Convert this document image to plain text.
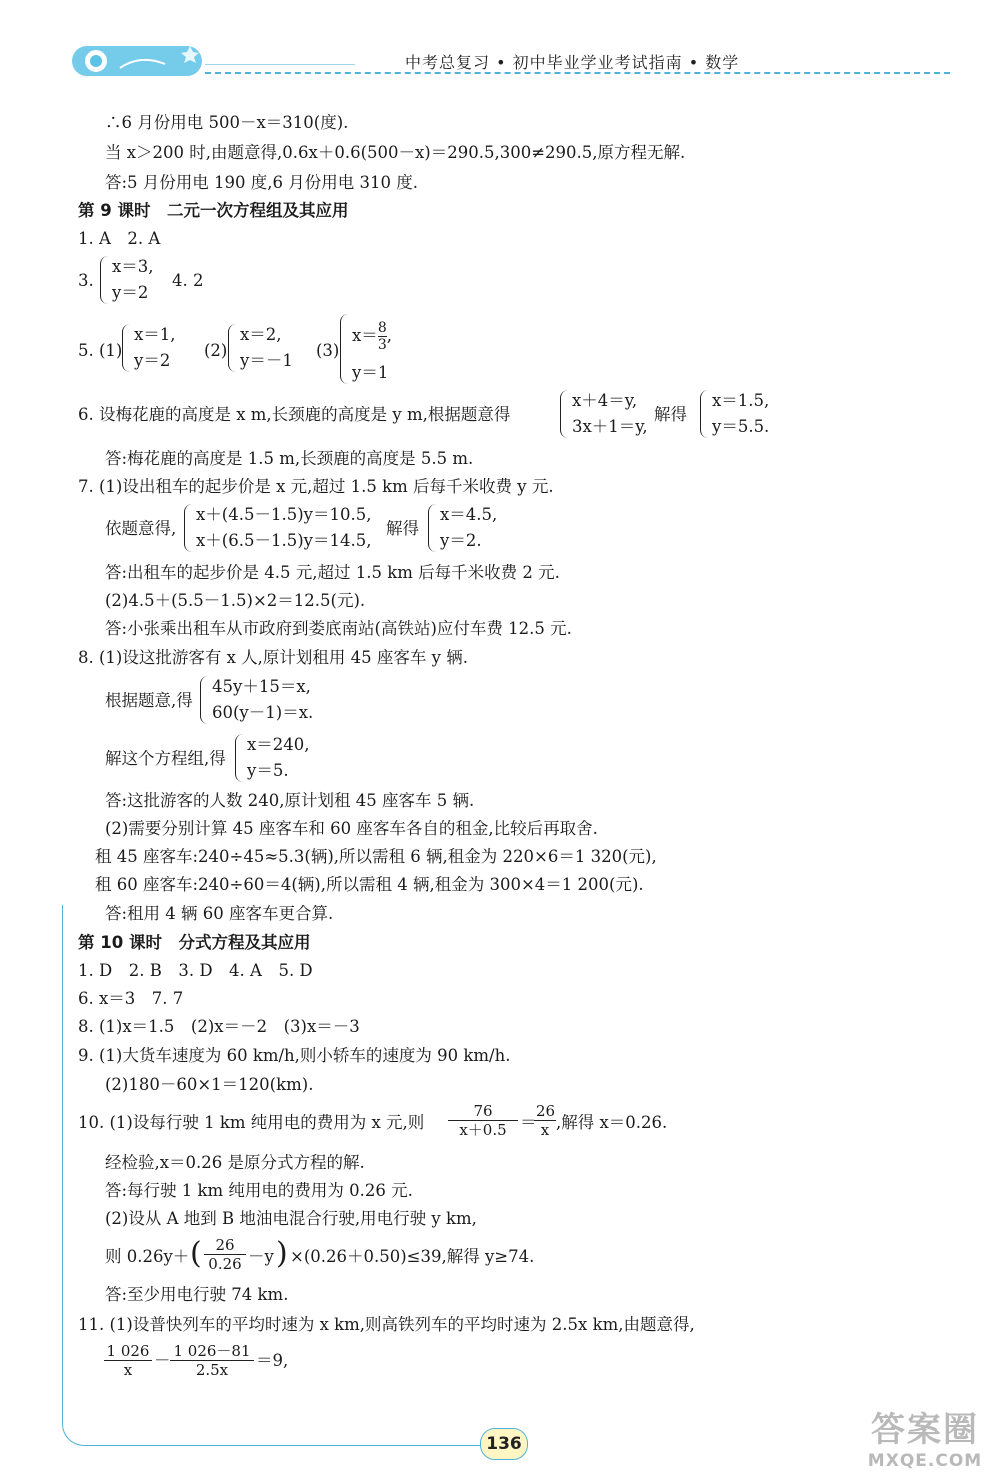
中考总复习 • 初中毕业学业考试指南 • 数学
∴6 月份用电 500－x＝310(度).
当 x＞200 时,由题意得,0.6x＋0.6(500－x)＝290.5,300≠290.5,原方程无解.
答:5 月份用电 190 度,6 月份用电 310 度.
第 9 课时　二元一次方程组及其应用
1. A　2. A
3.
x＝3,
y＝2
4. 2
5. (1)
x＝1,
y＝2
(2)
x＝2,
y＝－1
(3)
$x= \frac{8}{3}$ ,
y＝1
6. 设梅花鹿的高度是 x m,长颈鹿的高度是 y m,根据题意得
x＋4＝y,
3x＋1＝y,
解得
x＝1.5,
y＝5.5.
答:梅花鹿的高度是 1.5 m,长颈鹿的高度是 5.5 m.
7. (1)设出租车的起步价是 x 元,超过 1.5 km 后每千米收费 y 元.
依题意得,
x＋(4.5－1.5)y＝10.5,
x＋(6.5－1.5)y＝14.5,
解得
x＝4.5,
y＝2.
答:出租车的起步价是 4.5 元,超过 1.5 km 后每千米收费 2 元.
(2)4.5＋(5.5－1.5)×2＝12.5(元).
答:小张乘出租车从市政府到娄底南站(高铁站)应付车费 12.5 元.
8. (1)设这批游客有 x 人,原计划租用 45 座客车 y 辆.
根据题意,得
45y＋15＝x,
60(y－1)＝x.
解这个方程组,得
x＝240,
y＝5.
答:这批游客的人数 240,原计划租 45 座客车 5 辆.
(2)需要分别计算 45 座客车和 60 座客车各自的租金,比较后再取舍.
租 45 座客车:240÷45≈5.3(辆),所以需租 6 辆,租金为 220×6＝1 320(元),
租 60 座客车:240÷60＝4(辆),所以需租 4 辆,租金为 300×4＝1 200(元).
答:租用 4 辆 60 座客车更合算.
第 10 课时　分式方程及其应用
1. D　2. B　3. D　4. A　5. D
6. x＝3　7. 7
8. (1)x＝1.5　(2)x＝－2　(3)x＝－3
9. (1)大货车速度为 60 km/h,则小轿车的速度为 90 km/h.
(2)180－60×1＝120(km).
10. (1)设每行驶 1 km 纯用电的费用为 x 元,则 $\frac{76}{x+0.5}$ ＝
$\frac{26}{x}$ ,解得 x＝0.26.
经检验,x＝0.26 是原分式方程的解.
答:每行驶 1 km 纯用电的费用为 0.26 元.
(2)设从 A 地到 B 地油电混合行驶,用电行驶 y km,
则 0.26y＋ ( $\frac{26}{0.26} -y$ ) ×(0.26＋0.50)≤39,解得 y≥74.
答:至少用电行驶 74 km.
11. (1)设普快列车的平均时速为 x km,则高铁列车的平均时速为 2.5x km,由题意得,
$\frac{1 026}{x} - \frac{1 026-81}{2.5x} =9$,
136	答案圈
MXQE.COM
